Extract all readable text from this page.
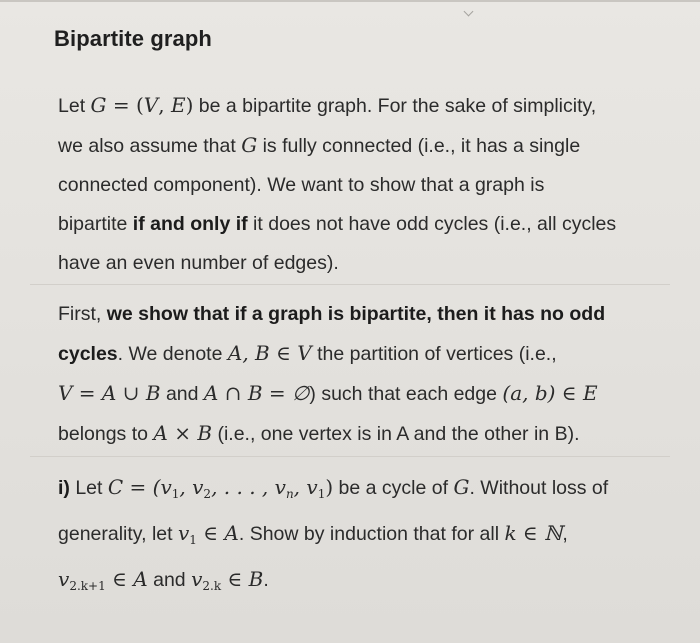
Bipartite graph
Let G = (V, E) be a bipartite graph. For the sake of simplicity,
we also assume that G is fully connected (i.e., it has a single
connected component). We want to show that a graph is
bipartite if and only if it does not have odd cycles (i.e., all cycles
have an even number of edges).
First, we show that if a graph is bipartite, then it has no odd
cycles. We denote A, B ∈ V the partition of vertices (i.e.,
V = A ∪ B and A ∩ B = ∅) such that each edge (a, b) ∈ E
belongs to A × B (i.e., one vertex is in A and the other in B).
i) Let $C = (v_1$, $v_2$, . . . , $v_n$, $v_1$) be a cycle of G. Without loss of
generality, let $v_1$ ∈ A. Show by induction that for all k ∈ ℕ,
$v_{2.k+1}$ ∈ A and $v_{2.k}$ ∈ B.
